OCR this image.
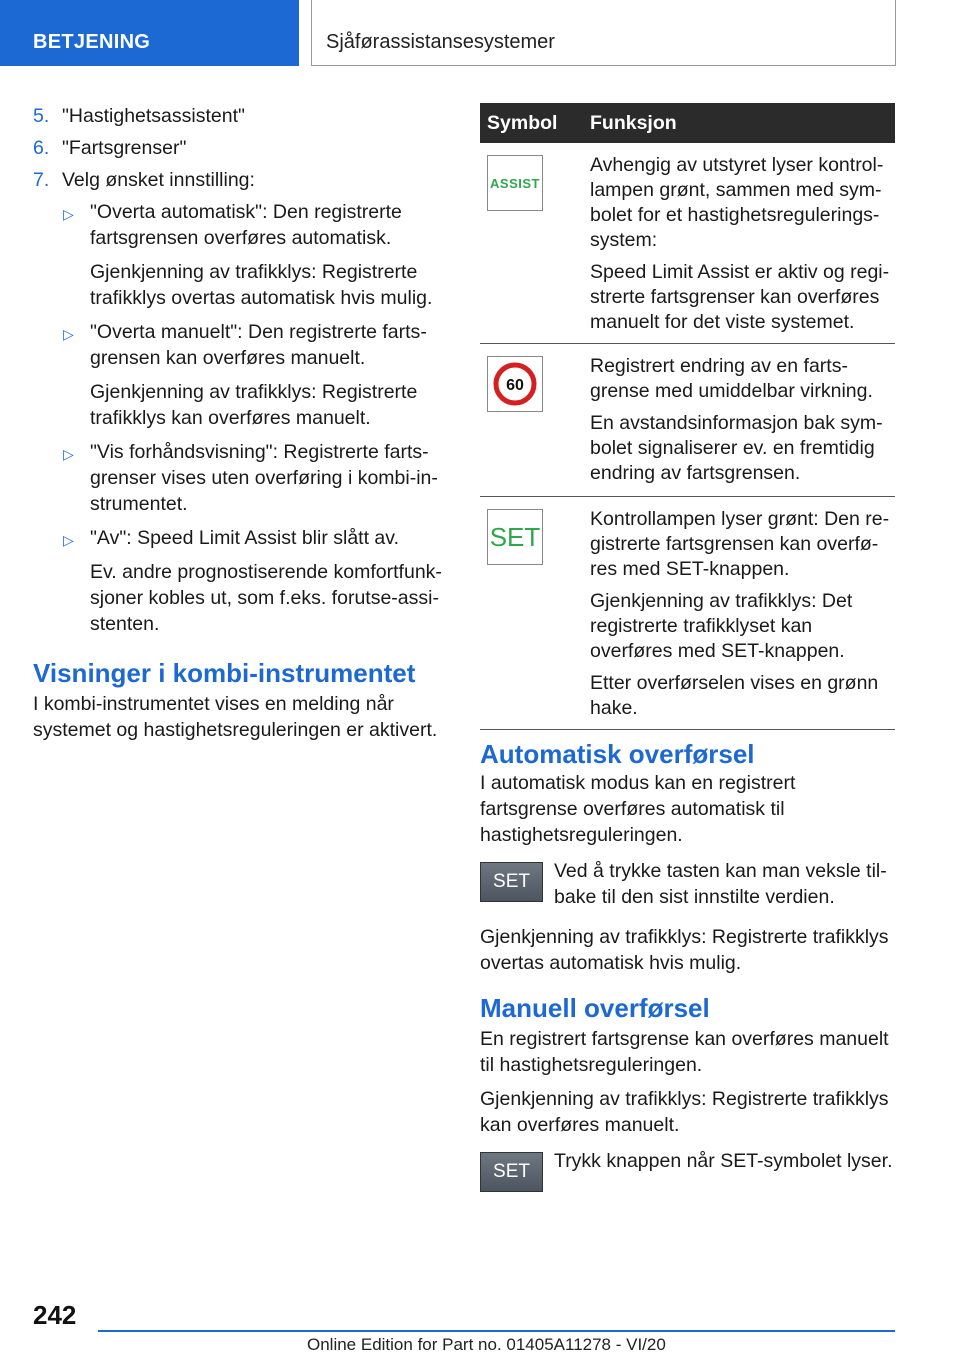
BETJENING	Sjåførassistansesystemer
5. "Hastighetsassistent"
6. "Fartsgrenser"
7. Velg ønsket innstilling:
▷ "Overta automatisk": Den registrerte fartsgrensen overføres automatisk.

Gjenkjenning av trafikklys: Registrerte trafikklys overtas automatisk hvis mulig.

▷ "Overta manuelt": Den registrerte fartsgrensen kan overføres manuelt.

Gjenkjenning av trafikklys: Registrerte trafikklys kan overføres manuelt.

▷ "Vis forhåndsvisning": Registrerte fartsgrenser vises uten overføring i kombi-instrumentet.

▷ "Av": Speed Limit Assist blir slått av.

Ev. andre prognostiserende komfortfunksjoner kobles ut, som f.eks. forutse-assistenten.

Visninger i kombi-instrumentet

I kombi-instrumentet vises en melding når systemet og hastighetsreguleringen er aktivert.

Symbol	Funksjon
ASSIST

Avhengig av utstyret lyser kontrollampen grønt, sammen med symbolet for et hastighetsreguleringssystem:

Speed Limit Assist er aktiv og registrerte fartsgrenser kan overføres manuelt for det viste systemet.

60

Registrert endring av en fartsgrense med umiddelbar virkning.

En avstandsinformasjon bak symbolet signaliserer ev. en fremtidig endring av fartsgrensen.

SET

Kontrollampen lyser grønt: Den registrerte fartsgrensen kan overføres med SET-knappen.

Gjenkjenning av trafikklys: Det registrerte trafikklyset kan overføres med SET-knappen.

Etter overførselen vises en grønn hake.

Automatisk overførsel

I automatisk modus kan en registrert fartsgrense overføres automatisk til hastighetsreguleringen.

SET Ved å trykke tasten kan man veksle tilbake til den sist innstilte verdien.

Gjenkjenning av trafikklys: Registrerte trafikklys overtas automatisk hvis mulig.

Manuell overførsel

En registrert fartsgrense kan overføres manuelt til hastighetsreguleringen.

Gjenkjenning av trafikklys: Registrerte trafikklys kan overføres manuelt.

SET Trykk knappen når SET-symbolet lyser.
242
Online Edition for Part no. 01405A11278 - VI/20
